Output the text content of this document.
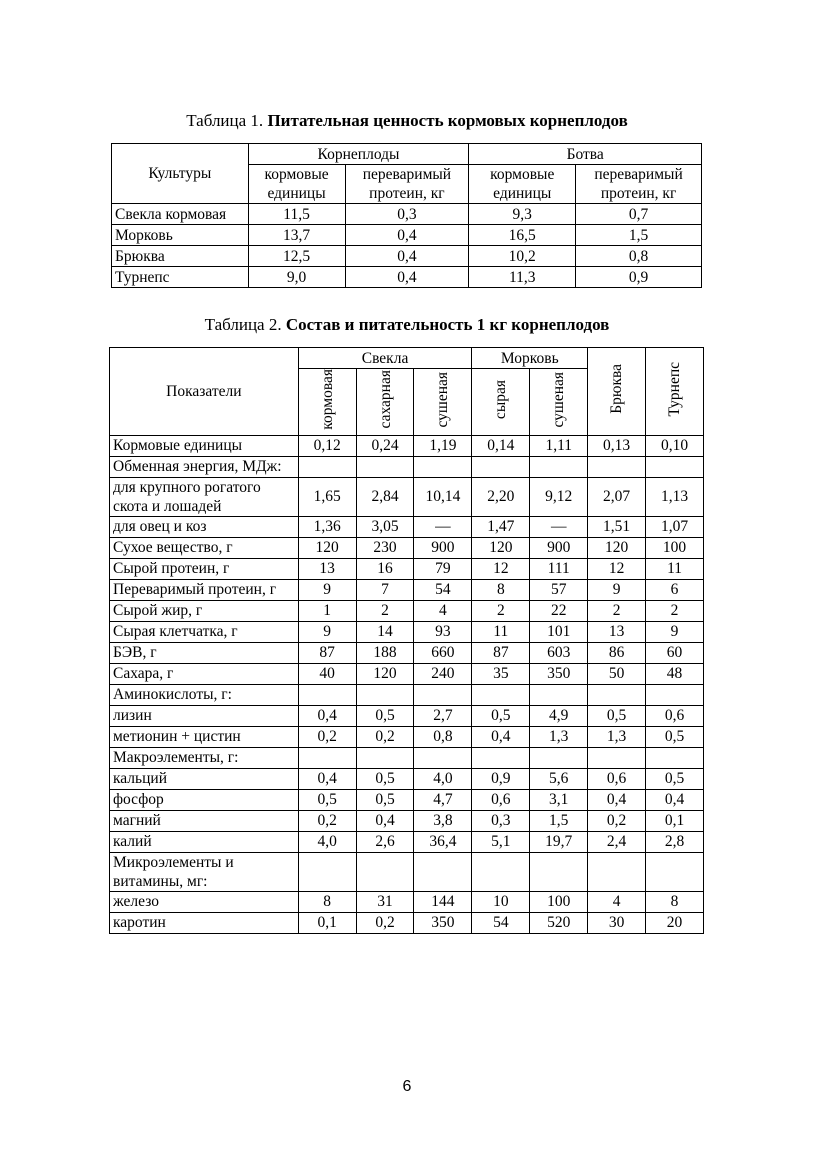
Таблица 1. Питательная ценность кормовых корнеплодов
Культуры	Корнеплоды		Ботва	
	кормовые единицы	переваримый протеин, кг	кормовые единицы	переваримый протеин, кг
Свекла кормовая	11,5	0,3	9,3	0,7
Морковь	13,7	0,4	16,5	1,5
Брюква	12,5	0,4	10,2	0,8
Турнепс	9,0	0,4	11,3	0,9
Таблица 2. Состав и питательность 1 кг корнеплодов
Показатели	Свекла			Морковь		Брюква	Турнепс
	кормовая	сахарная	сушеная	сырая	сушеная		
Кормовые единицы	0,12	0,24	1,19	0,14	1,11	0,13	0,10
Обменная энергия, МДж:							
для крупного рогатого скота и лошадей	1,65	2,84	10,14	2,20	9,12	2,07	1,13
для овец и коз	1,36	3,05	—	1,47	—	1,51	1,07
Сухое вещество, г	120	230	900	120	900	120	100
Сырой протеин, г	13	16	79	12	111	12	11
Переваримый протеин, г	9	7	54	8	57	9	6
Сырой жир, г	1	2	4	2	22	2	2
Сырая клетчатка, г	9	14	93	11	101	13	9
БЭВ, г	87	188	660	87	603	86	60
Сахара, г	40	120	240	35	350	50	48
Аминокислоты, г:							
лизин	0,4	0,5	2,7	0,5	4,9	0,5	0,6
метионин + цистин	0,2	0,2	0,8	0,4	1,3	1,3	0,5
Макроэлементы, г:							
кальций	0,4	0,5	4,0	0,9	5,6	0,6	0,5
фосфор	0,5	0,5	4,7	0,6	3,1	0,4	0,4
магний	0,2	0,4	3,8	0,3	1,5	0,2	0,1
калий	4,0	2,6	36,4	5,1	19,7	2,4	2,8
Микроэлементы и витамины, мг:							
железо	8	31	144	10	100	4	8
каротин	0,1	0,2	350	54	520	30	20
6
